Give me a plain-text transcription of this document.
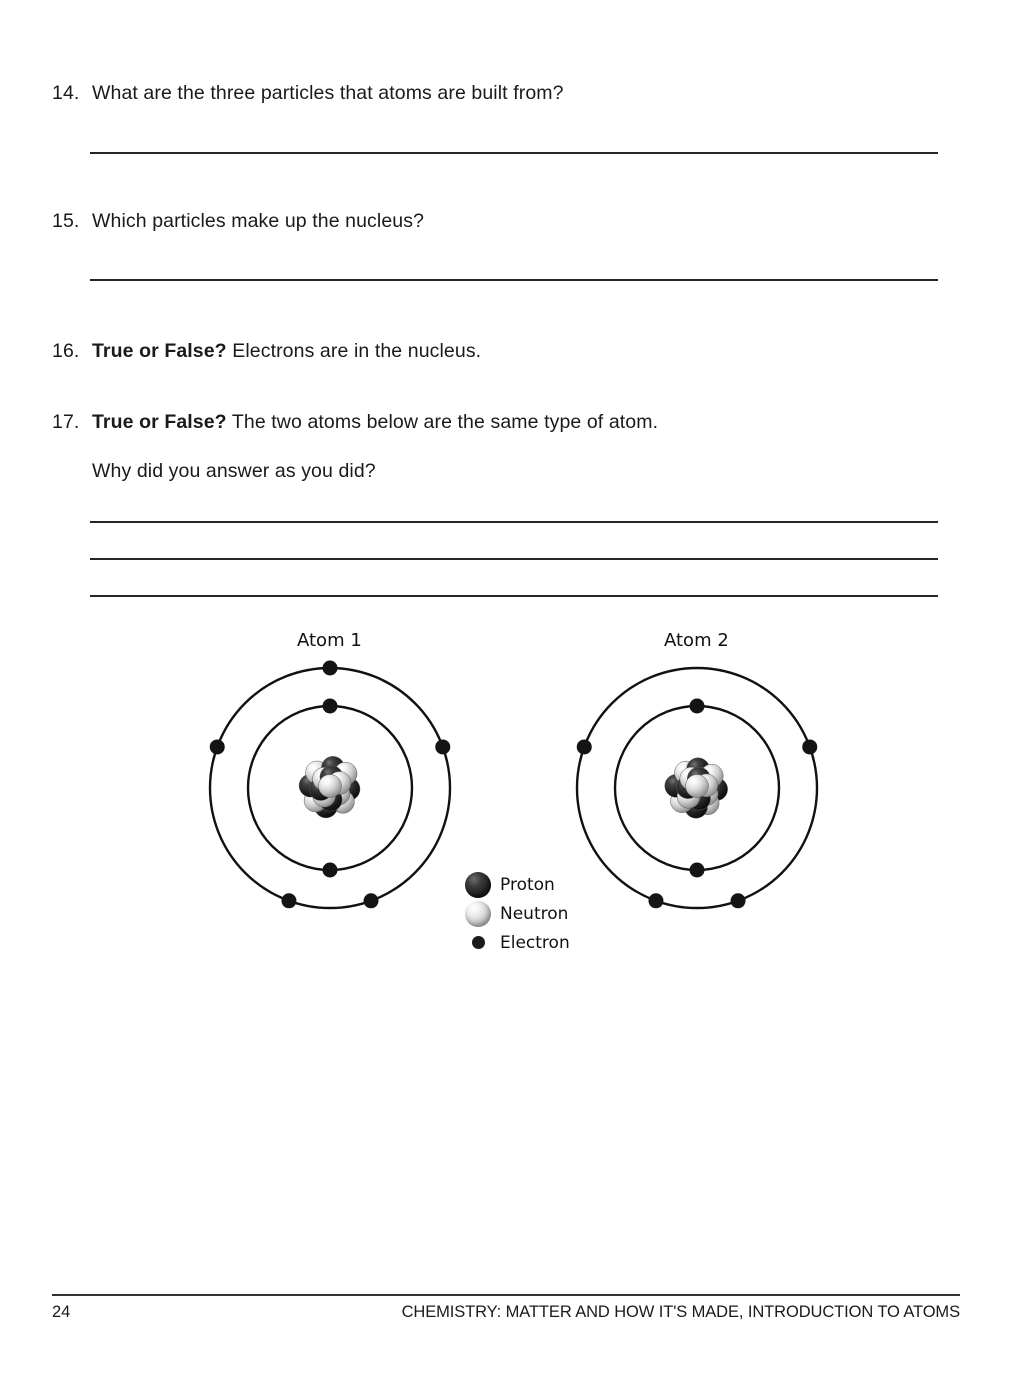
14. What are the three particles that atoms are built from?
15. Which particles make up the nucleus?
16. True or False? Electrons are in the nucleus.
17. True or False? The two atoms below are the same type of atom.
Why did you answer as you did?
Atom 1	Atom 2
Proton
Neutron
Electron
24	CHEMISTRY: MATTER AND HOW IT'S MADE, INTRODUCTION TO ATOMS
